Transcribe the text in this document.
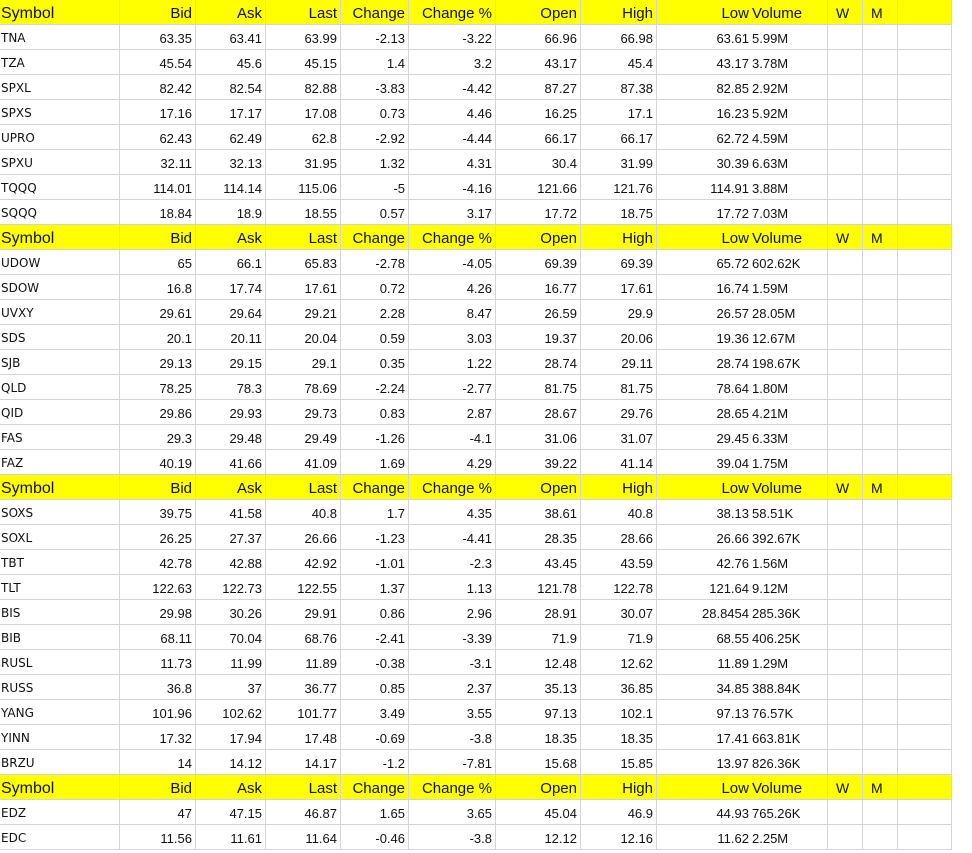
Symbol	Bid	Ask	Last	Change	Change %	Open	High	Low Volume	W	M
TNA	63.35	63.41	63.99	-2.13	-3.22	66.96	66.98	63.61 5.99M
TZA	45.54	45.6	45.15	1.4	3.2	43.17	45.4	43.17 3.78M
SPXL	82.42	82.54	82.88	-3.83	-4.42	87.27	87.38	82.85 2.92M
SPXS	17.16	17.17	17.08	0.73	4.46	16.25	17.1	16.23 5.92M
UPRO	62.43	62.49	62.8	-2.92	-4.44	66.17	66.17	62.72 4.59M
SPXU	32.11	32.13	31.95	1.32	4.31	30.4	31.99	30.39 6.63M
TQQQ	114.01	114.14	115.06	-5	-4.16	121.66	121.76	114.91 3.88M
SQQQ	18.84	18.9	18.55	0.57	3.17	17.72	18.75	17.72 7.03M
Symbol	Bid	Ask	Last	Change	Change %	Open	High	Low Volume	W	M
UDOW	65	66.1	65.83	-2.78	-4.05	69.39	69.39	65.72 602.62K
SDOW	16.8	17.74	17.61	0.72	4.26	16.77	17.61	16.74 1.59M
UVXY	29.61	29.64	29.21	2.28	8.47	26.59	29.9	26.57 28.05M
SDS	20.1	20.11	20.04	0.59	3.03	19.37	20.06	19.36 12.67M
SJB	29.13	29.15	29.1	0.35	1.22	28.74	29.11	28.74 198.67K
QLD	78.25	78.3	78.69	-2.24	-2.77	81.75	81.75	78.64 1.80M
QID	29.86	29.93	29.73	0.83	2.87	28.67	29.76	28.65 4.21M
FAS	29.3	29.48	29.49	-1.26	-4.1	31.06	31.07	29.45 6.33M
FAZ	40.19	41.66	41.09	1.69	4.29	39.22	41.14	39.04 1.75M
Symbol	Bid	Ask	Last	Change	Change %	Open	High	Low Volume	W	M
SOXS	39.75	41.58	40.8	1.7	4.35	38.61	40.8	38.13 58.51K
SOXL	26.25	27.37	26.66	-1.23	-4.41	28.35	28.66	26.66 392.67K
TBT	42.78	42.88	42.92	-1.01	-2.3	43.45	43.59	42.76 1.56M
TLT	122.63	122.73	122.55	1.37	1.13	121.78	122.78	121.64 9.12M
BIS	29.98	30.26	29.91	0.86	2.96	28.91	30.07	28.8454 285.36K
BIB	68.11	70.04	68.76	-2.41	-3.39	71.9	71.9	68.55 406.25K
RUSL	11.73	11.99	11.89	-0.38	-3.1	12.48	12.62	11.89 1.29M
RUSS	36.8	37	36.77	0.85	2.37	35.13	36.85	34.85 388.84K
YANG	101.96	102.62	101.77	3.49	3.55	97.13	102.1	97.13 76.57K
YINN	17.32	17.94	17.48	-0.69	-3.8	18.35	18.35	17.41 663.81K
BRZU	14	14.12	14.17	-1.2	-7.81	15.68	15.85	13.97 826.36K
Symbol	Bid	Ask	Last	Change	Change %	Open	High	Low Volume	W	M
EDZ	47	47.15	46.87	1.65	3.65	45.04	46.9	44.93 765.26K
EDC	11.56	11.61	11.64	-0.46	-3.8	12.12	12.16	11.62 2.25M
